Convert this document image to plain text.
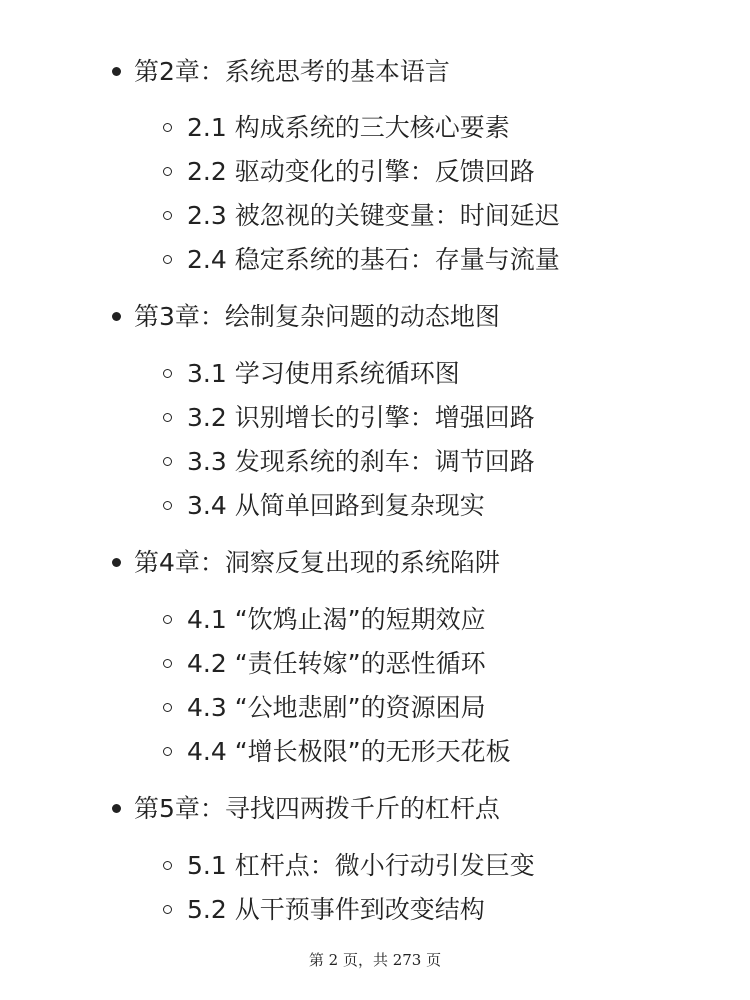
第2章：系统思考的基本语言
2.1 构成系统的三大核心要素
2.2 驱动变化的引擎：反馈回路
2.3 被忽视的关键变量：时间延迟
2.4 稳定系统的基石：存量与流量
第3章：绘制复杂问题的动态地图
3.1 学习使用系统循环图
3.2 识别增长的引擎：增强回路
3.3 发现系统的刹车：调节回路
3.4 从简单回路到复杂现实
第4章：洞察反复出现的系统陷阱
4.1 “饮鸩止渴”的短期效应
4.2 “责任转嫁”的恶性循环
4.3 “公地悲剧”的资源困局
4.4 “增长极限”的无形天花板
第5章：寻找四两拨千斤的杠杆点
5.1 杠杆点：微小行动引发巨变
5.2 从干预事件到改变结构
第 2 页，共 273 页
